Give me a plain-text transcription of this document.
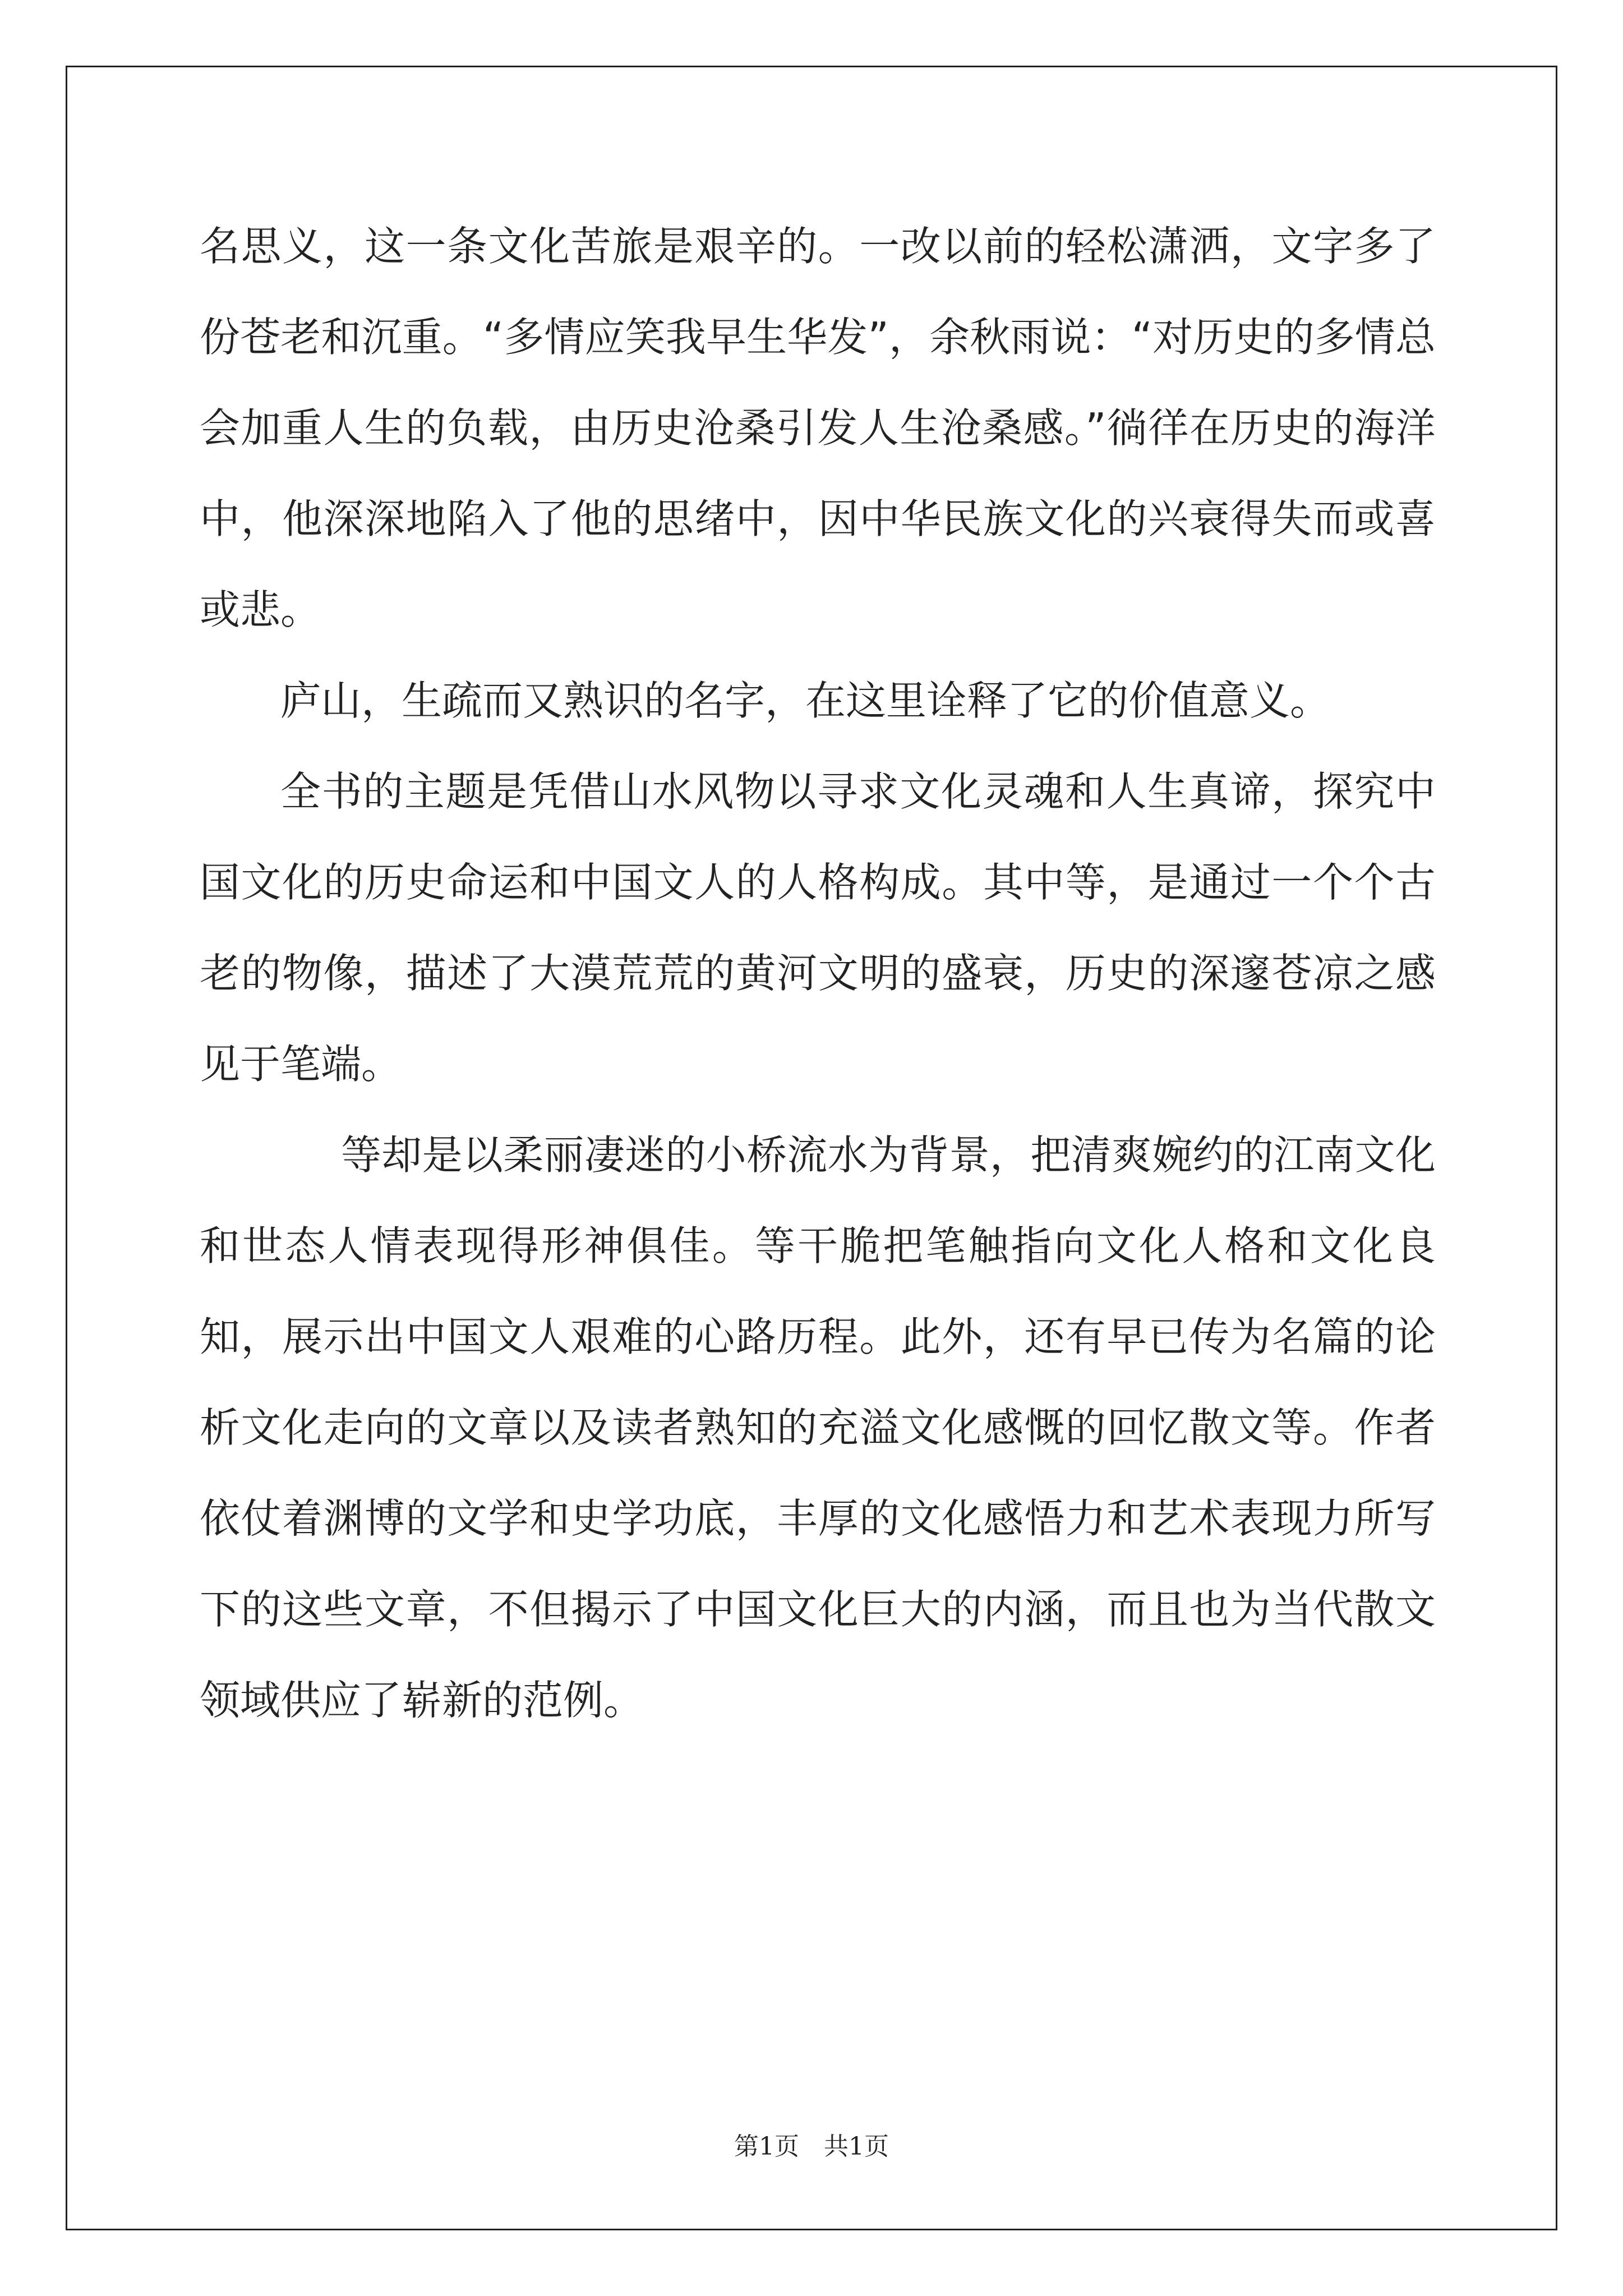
名思义，这一条文化苦旅是艰辛的。一改以前的轻松潇洒，文字多了份苍老和沉重。“多情应笑我早生华发”，余秋雨说：“对历史的多情总会加重人生的负载，由历史沧桑引发人生沧桑感。”徜徉在历史的海洋中，他深深地陷入了他的思绪中，因中华民族文化的兴衰得失而或喜或悲。

庐山，生疏而又熟识的名字，在这里诠释了它的价值意义。

全书的主题是凭借山水风物以寻求文化灵魂和人生真谛，探究中国文化的历史命运和中国文人的人格构成。其中等，是通过一个个古老的物像，描述了大漠荒荒的黄河文明的盛衰，历史的深邃苍凉之感见于笔端。

等却是以柔丽凄迷的小桥流水为背景，把清爽婉约的江南文化和世态人情表现得形神俱佳。等干脆把笔触指向文化人格和文化良知，展示出中国文人艰难的心路历程。此外，还有早已传为名篇的论析文化走向的文章以及读者熟知的充溢文化感慨的回忆散文等。作者依仗着渊博的文学和史学功底，丰厚的文化感悟力和艺术表现力所写下的这些文章，不但揭示了中国文化巨大的内涵，而且也为当代散文领域供应了崭新的范例。

第1页 共1页
